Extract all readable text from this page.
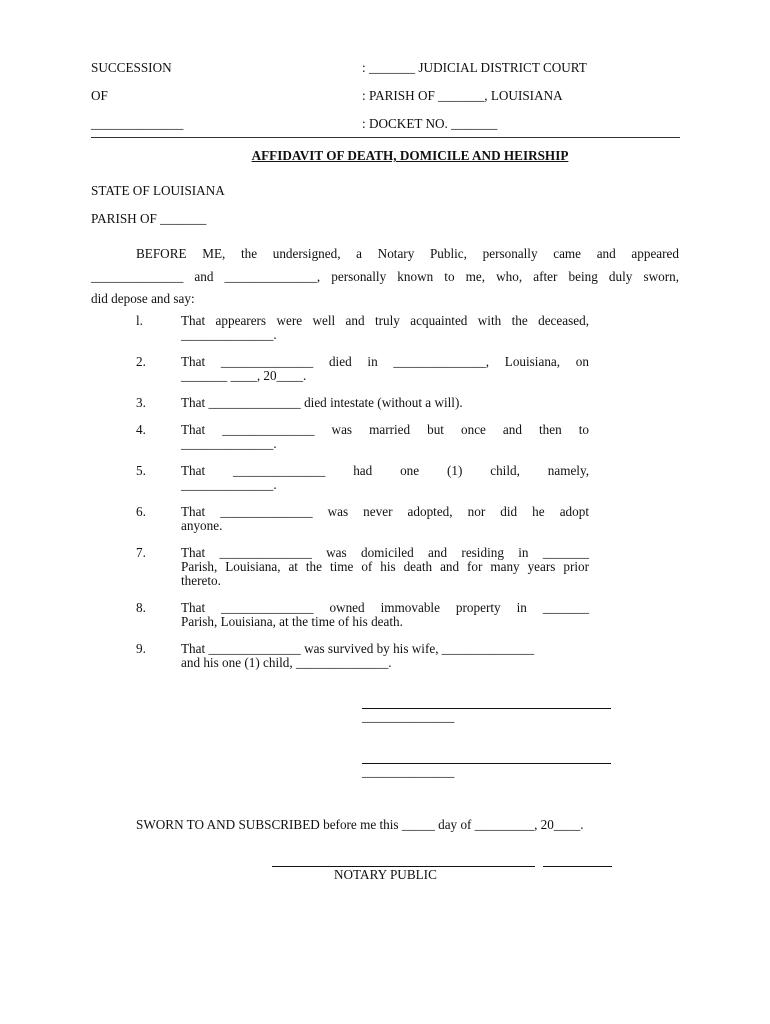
SUCCESSION	: _______ JUDICIAL DISTRICT COURT
OF	: PARISH OF _______, LOUISIANA
______________	: DOCKET NO. _______
AFFIDAVIT OF DEATH, DOMICILE AND HEIRSHIP
STATE OF LOUISIANA
PARISH OF _______
BEFORE ME, the undersigned, a Notary Public, personally came and appeared
______________ and ______________, personally known to me, who, after being duly sworn,
did depose and say:
l.	That appearers were well and truly acquainted with the deceased,
______________.
2.	That ______________ died in ______________, Louisiana, on
_______ ____, 20____.
3.	That ______________ died intestate (without a will).
4.	That ______________ was married but once and then to
______________.
5.	That ______________ had one (1) child, namely,
______________.
6.	That ______________ was never adopted, nor did he adopt
anyone.
7.	That ______________ was domiciled and residing in _______
Parish, Louisiana, at the time of his death and for many years prior
thereto.
8.	That ______________ owned immovable property in _______
Parish, Louisiana, at the time of his death.
9.	That ______________ was survived by his wife, ______________
and his one (1) child, ______________.
______________
______________
SWORN TO AND SUBSCRIBED before me this _____ day of _________, 20____.
NOTARY PUBLIC
